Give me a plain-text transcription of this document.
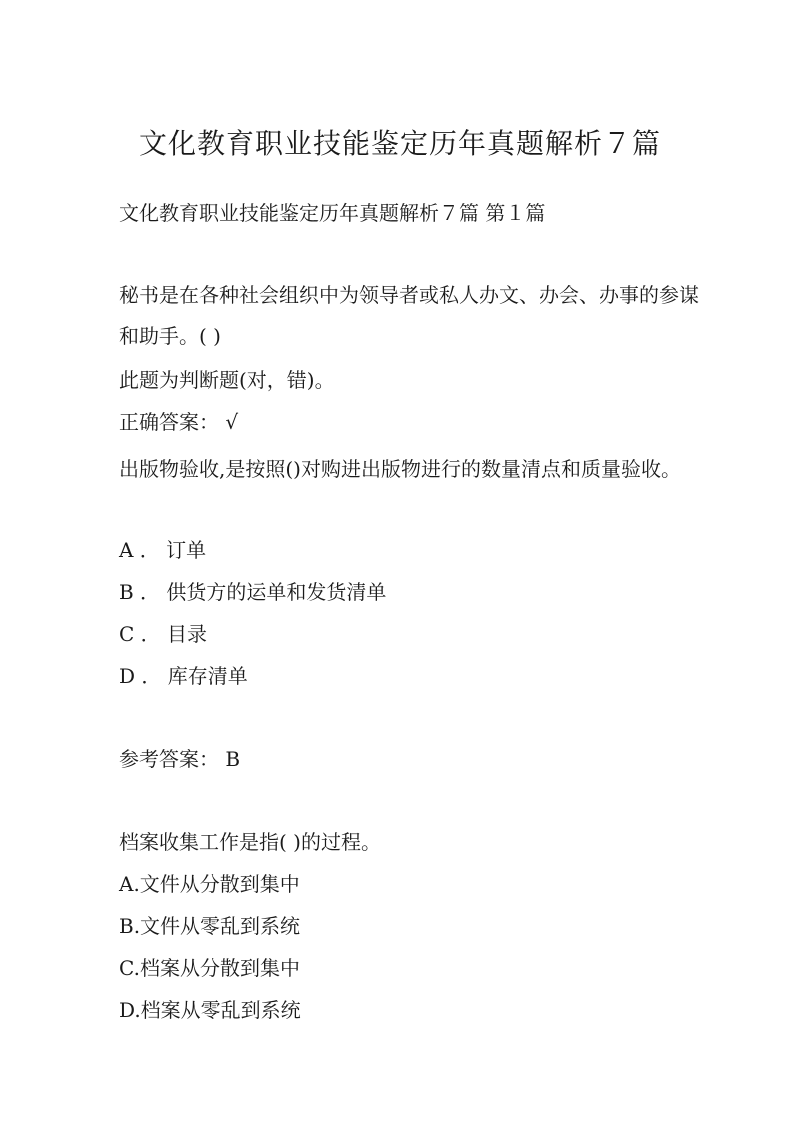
文化教育职业技能鉴定历年真题解析７篇
文化教育职业技能鉴定历年真题解析７篇 第１篇
秘书是在各种社会组织中为领导者或私人办文、办会、办事的参谋和助手。( )
此题为判断题(对，错)。
正确答案： √
出版物验收,是按照()对购进出版物进行的数量清点和质量验收。
A ． 订单
B ． 供货方的运单和发货清单
C ． 目录
D ． 库存清单
参考答案： B
档案收集工作是指( )的过程。
A.文件从分散到集中
B.文件从零乱到系统
C.档案从分散到集中
D.档案从零乱到系统
